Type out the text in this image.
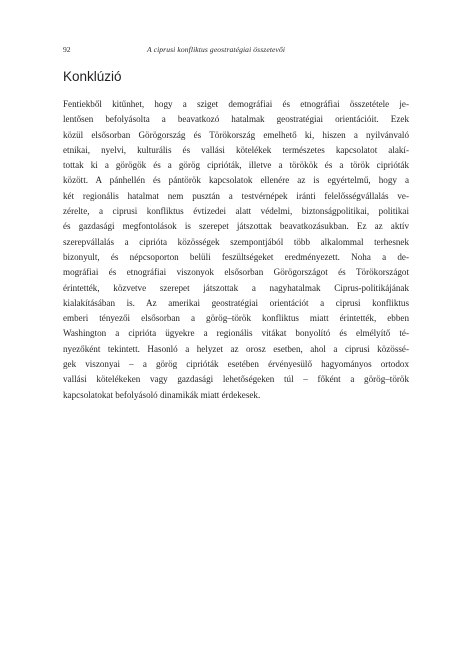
92	A ciprusi konfliktus geostratégiai összetevői
Konklúzió

Fentiekből kitűnhet, hogy a sziget demográfiai és etnográfiai összetétele je-
lentősen befolyásolta a beavatkozó hatalmak geostratégiai orientációit. Ezek
közül elsősorban Görögország és Törökország emelhető ki, hiszen a nyilvánvaló
etnikai, nyelvi, kulturális és vallási kötelékek természetes kapcsolatot alakí-
tottak ki a görögök és a görög ciprióták, illetve a törökök és a török ciprióták
között. A pánhellén és pántörök kapcsolatok ellenére az is egyértelmű, hogy a
két regionális hatalmat nem pusztán a testvérnépek iránti felelősségvállalás ve-
zérelte, a ciprusi konfliktus évtizedei alatt védelmi, biztonságpolitikai, politikai
és gazdasági megfontolások is szerepet játszottak beavatkozásukban. Ez az aktív
szerepvállalás a ciprióta közösségek szempontjából több alkalommal terhesnek
bizonyult, és népcsoporton belüli feszültségeket eredményezett. Noha a de-
mográfiai és etnográfiai viszonyok elsősorban Görögországot és Törökországot
érintették, közvetve szerepet játszottak a nagyhatalmak Ciprus-politikájának
kialakításában is. Az amerikai geostratégiai orientációt a ciprusi konfliktus
emberi tényezői elsősorban a görög–török konfliktus miatt érintették, ebben
Washington a ciprióta ügyekre a regionális vitákat bonyolító és elmélyítő té-
nyezőként tekintett. Hasonló a helyzet az orosz esetben, ahol a ciprusi közössé-
gek viszonyai – a görög ciprióták esetében érvényesülő hagyományos ortodox
vallási kötelékeken vagy gazdasági lehetőségeken túl – főként a görög–török
kapcsolatokat befolyásoló dinamikák miatt érdekesek.
